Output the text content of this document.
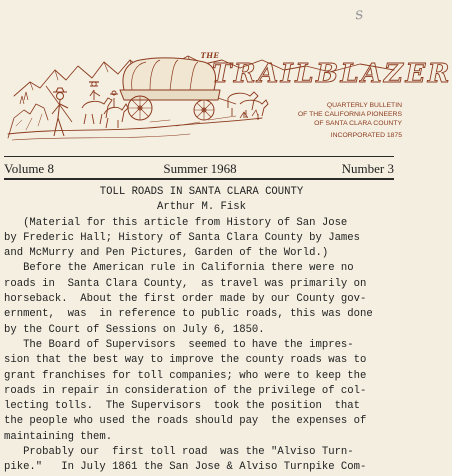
s
THE
TRAILBLAZER
QUARTERLY BULLETIN
OF THE CALIFORNIA PIONEERS
OF SANTA CLARA COUNTY
INCORPORATED 1875
Volume 8	Summer 1968	Number 3
TOLL ROADS IN SANTA CLARA COUNTY
Arthur M. Fisk
(Material for this article from History of San Jose
by Frederic Hall; History of Santa Clara County by James
and McMurry and Pen Pictures, Garden of the World.)
Before the American rule in California there were no
roads in  Santa Clara County,  as travel was primarily on
horseback.  About the first order made by our County gov-
ernment,  was  in reference to public roads, this was done
by the Court of Sessions on July 6, 1850.
The Board of Supervisors  seemed to have the impres-
sion that the best way to improve the county roads was to
grant franchises for toll companies; who were to keep the
roads in repair in consideration of the privilege of col-
lecting tolls.  The Supervisors  took the position  that
the people who used the roads should pay  the expenses of
maintaining them.
Probably our  first toll road  was the "Alviso Turn-
pike."   In July 1861 the San Jose & Alviso Turnpike Com-
